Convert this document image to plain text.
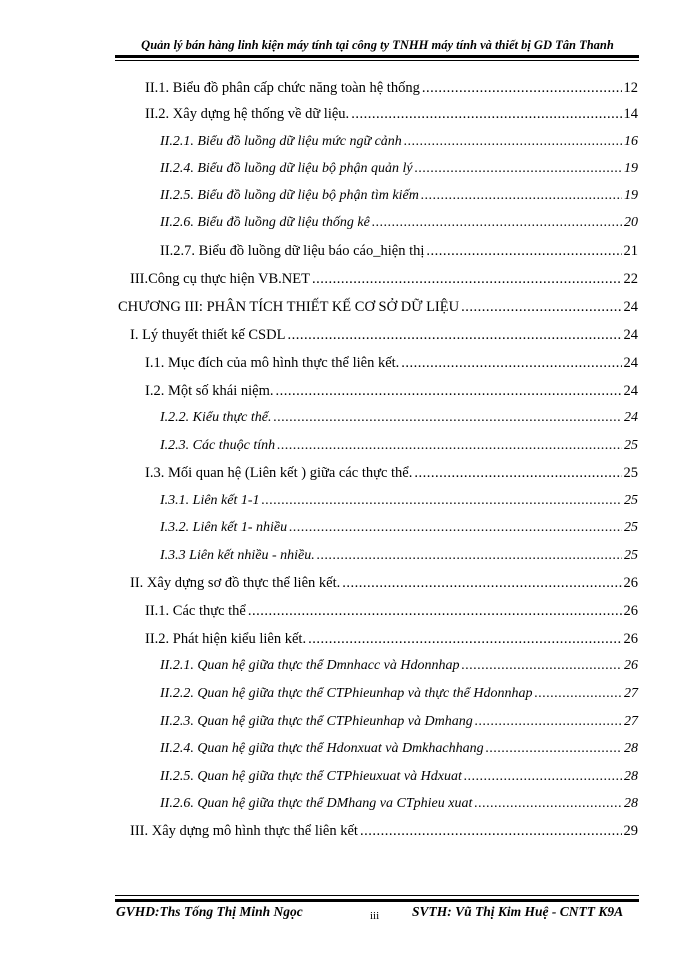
Quản lý bán hàng linh kiện máy tính tại công ty TNHH máy tính và thiết bị GD Tân Thanh
II.1. Biểu đồ phân cấp chức năng toàn hệ thống .....	12
II.2. Xây dựng hệ thống về dữ liệu. .....	14
II.2.1. Biểu đồ luồng dữ liệu mức ngữ cảnh .....	16
II.2.4. Biểu đồ luồng dữ liệu bộ phận quản lý .....	19
II.2.5. Biểu đồ luồng dữ liệu bộ phận tìm kiếm .....	19
II.2.6. Biểu đồ luồng dữ liệu thống kê .....	20
II.2.7. Biểu đồ luồng dữ liệu báo cáo_hiện thị .....	21
III.Công cụ thực hiện VB.NET .....	22
CHƯƠNG III: PHÂN TÍCH THIẾT KẾ CƠ SỞ DỮ LIỆU .....	24
I. Lý thuyết thiết kế CSDL .....	24
I.1. Mục đích của mô hình thực thể liên kết. .....	24
I.2. Một số khái niệm. .....	24
I.2.2. Kiểu thực thể. .....	24
I.2.3. Các thuộc tính .....	25
I.3. Mối quan hệ (Liên kết ) giữa các thực thể. .....	25
I.3.1. Liên kết 1-1 .....	25
I.3.2. Liên kết 1- nhiều .....	25
I.3.3 Liên kết nhiều - nhiều. .....	25
II. Xây dựng sơ đồ thực thể liên kết. .....	26
II.1. Các thực thể .....	26
II.2. Phát hiện kiểu liên kết. .....	26
II.2.1. Quan hệ giữa thực thể Dmnhacc và Hdonnhap .....	26
II.2.2. Quan hệ giữa thực thể CTPhieunhap và thực thể Hdonnhap .....	27
II.2.3. Quan hệ giữa thực thể CTPhieunhap và Dmhang .....	27
II.2.4. Quan hệ giữa thực thể Hdonxuat và Dmkhachhang .....	28
II.2.5. Quan hệ giữa thực thể CTPhieuxuat và Hdxuat .....	28
II.2.6. Quan hệ giữa thực thể DMhang va CTphieu xuat .....	28
III. Xây dựng mô hình thực thể liên kết .....	29
GVHD:Ths Tống Thị Minh Ngọc	iii SVTH: Vũ Thị Kim Huệ - CNTT K9A
